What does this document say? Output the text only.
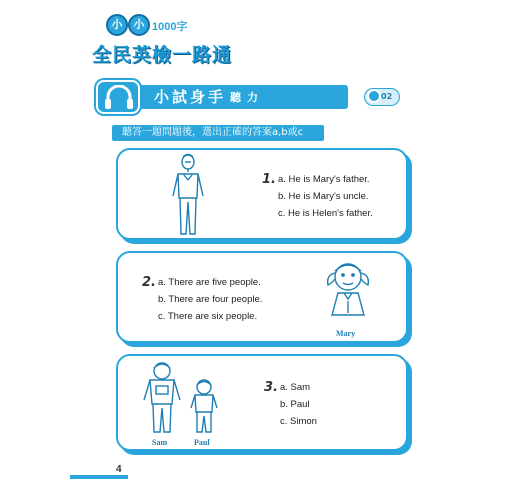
小	小 1000字
全民英檢一路通
小試身手 聽力	02
聽答一題問題後，選出正確的答案a,b或c
1. a. He is Mary's father.
b. He is Mary's uncle.
c. He is Helen's father.
2. a. There are five people.
b. There are four people.
c. There are six people.
Mary
Sam	Paul
3. a. Sam
b. Paul
c. Simon
4
